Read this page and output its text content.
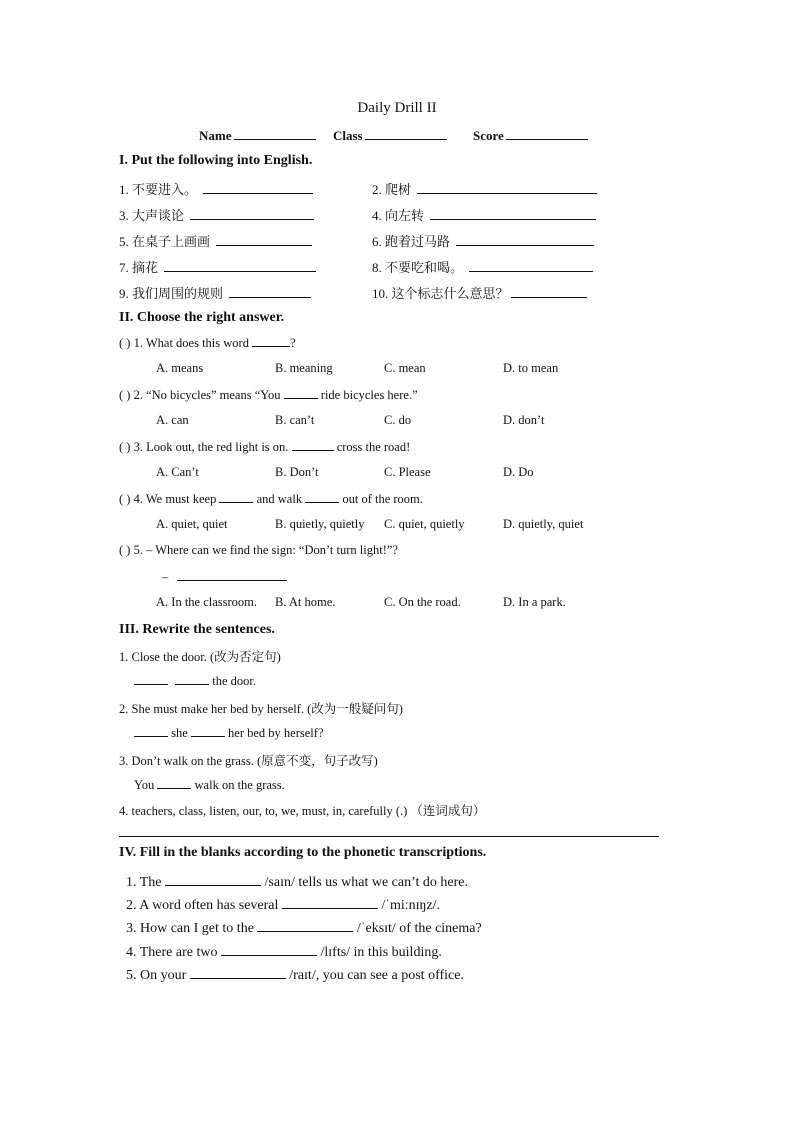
Daily Drill II
Name	Class	Score
I. Put the following into English.
1. 不要进入。	2. 爬树
3. 大声谈论	4. 向左转
5. 在桌子上画画	6. 跑着过马路
7. 摘花	8. 不要吃和喝。
9. 我们周围的规则	10. 这个标志什么意思？
II. Choose the right answer.
( ) 1. What does this word	?
A. means	B. meaning	C. mean	D. to mean
( ) 2. “No bicycles” means “You	ride bicycles here.”
A. can	B. can’t	C. do	D. don’t
( ) 3. Look out, the red light is on.	cross the road!
A. Can’t	B. Don’t	C. Please	D. Do
( ) 4. We must keep	and walk	out of the room.
A. quiet, quiet	B. quietly, quietly C. quiet, quietly	D. quietly, quiet
( ) 5. – Where can we find the sign: “Don’t turn light!”?
–
A. In the classroom. B. At home.	C. On the road.	D. In a park.
III. Rewrite the sentences.
1. Close the door. (改为否定句)
the door.
2. She must make her bed by herself. (改为一般疑问句)
she	her bed by herself?
3. Don’t walk on the grass. (原意不变，句子改写)
You	walk on the grass.
4. teachers, class, listen, our, to, we, must, in, carefully (.) （连词成句）
IV. Fill in the blanks according to the phonetic transcriptions.
1. The	/saɪn/ tells us what we can’t do here.
2. A word often has several	/ˈmiːnɪŋz/.
3. How can I get to the	/ˈeksɪt/ of the cinema?
4. There are two	/lɪfts/ in this building.
5. On your	/raɪt/, you can see a post office.
